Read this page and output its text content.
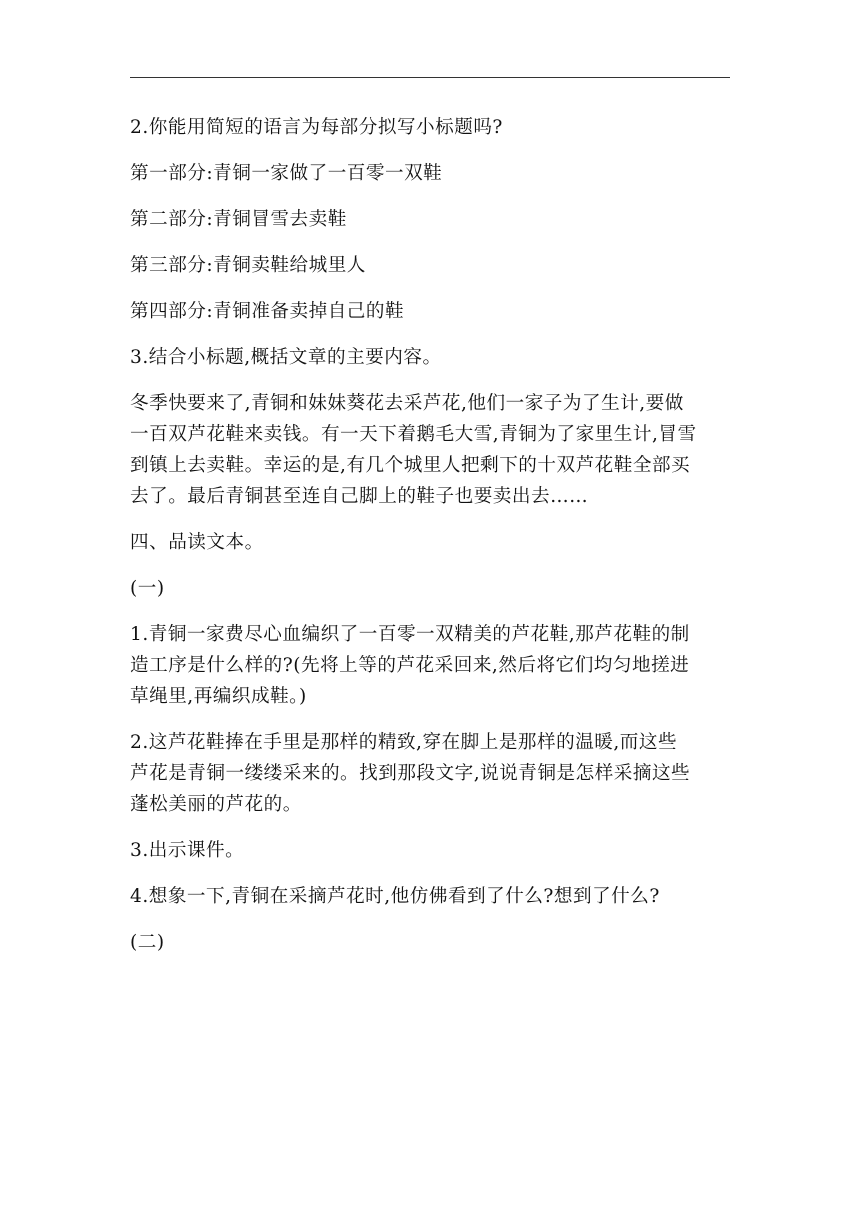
2.你能用简短的语言为每部分拟写小标题吗?
第一部分:青铜一家做了一百零一双鞋
第二部分:青铜冒雪去卖鞋
第三部分:青铜卖鞋给城里人
第四部分:青铜准备卖掉自己的鞋
3.结合小标题,概括文章的主要内容。
冬季快要来了,青铜和妹妹葵花去采芦花,他们一家子为了生计,要做
一百双芦花鞋来卖钱。有一天下着鹅毛大雪,青铜为了家里生计,冒雪
到镇上去卖鞋。幸运的是,有几个城里人把剩下的十双芦花鞋全部买
去了。最后青铜甚至连自己脚上的鞋子也要卖出去……
四、品读文本。
(一)
1.青铜一家费尽心血编织了一百零一双精美的芦花鞋,那芦花鞋的制
造工序是什么样的?(先将上等的芦花采回来,然后将它们均匀地搓进
草绳里,再编织成鞋。)
2.这芦花鞋捧在手里是那样的精致,穿在脚上是那样的温暖,而这些
芦花是青铜一缕缕采来的。找到那段文字,说说青铜是怎样采摘这些
蓬松美丽的芦花的。
3.出示课件。
4.想象一下,青铜在采摘芦花时,他仿佛看到了什么?想到了什么?
(二)
